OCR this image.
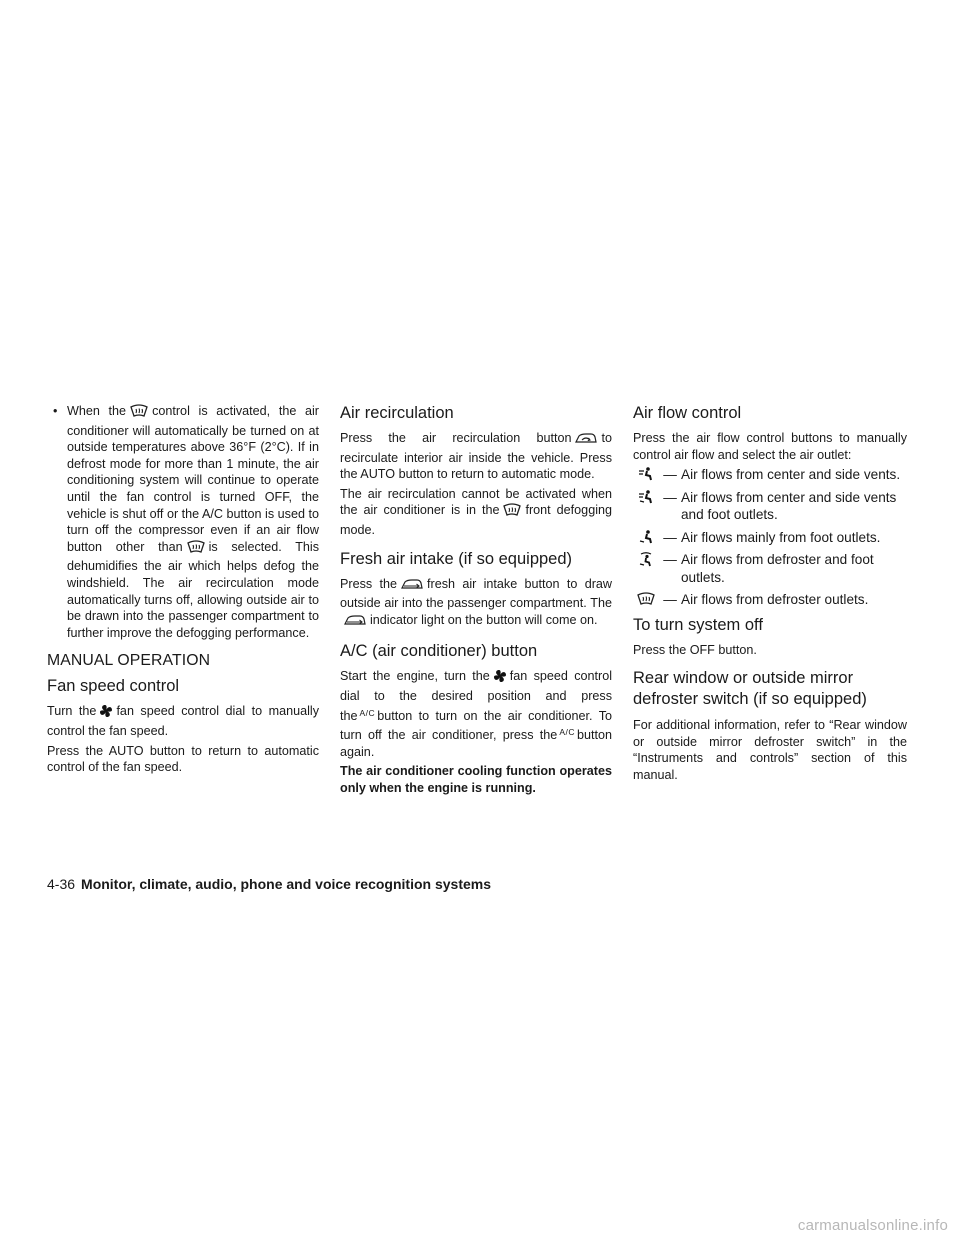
• When the control is activated, the air conditioner will automatically be turned on at outside temperatures above 36°F (2°C). If in defrost mode for more than 1 minute, the air conditioning system will continue to operate until the fan control is turned OFF, the vehicle is shut off or the A/C button is used to turn off the compressor even if an air flow button other than is selected. This dehumidifies the air which helps defog the windshield. The air recirculation mode automatically turns off, allowing outside air to be drawn into the passenger compartment to further improve the defogging performance.
MANUAL OPERATION
Fan speed control

Turn the fan speed control dial to manually control the fan speed.

Press the AUTO button to return to automatic control of the fan speed.

Air recirculation

Press the air recirculation button to recirculate interior air inside the vehicle. Press the AUTO button to return to automatic mode.

The air recirculation cannot be activated when the air conditioner is in the front defogging mode.

Fresh air intake (if so equipped)

Press the fresh air intake button to draw outside air into the passenger compartment. Theindicator light on the button will come on.

A/C (air conditioner) button

Start the engine, turn the fan speed control dial to the desired position and press the $^{A/C}$ button to turn on the air conditioner. To turn off the air conditioner, press the $^{A/C}$ button again.

The air conditioner cooling function operates only when the engine is running.

Air flow control

Press the air flow control buttons to manually control air flow and select the air outlet:

— Air flows from center and side vents.
— Air flows from center and side vents and foot outlets.
— Air flows mainly from foot outlets.
— Air flows from defroster and foot outlets.
— Air flows from defroster outlets.
To turn system off

Press the OFF button.

Rear window or outside mirror defroster switch (if so equipped)

For additional information, refer to “Rear window or outside mirror defroster switch” in the “Instruments and controls” section of this manual.

4-36 Monitor, climate, audio, phone and voice recognition systems
carmanualsonline.info
